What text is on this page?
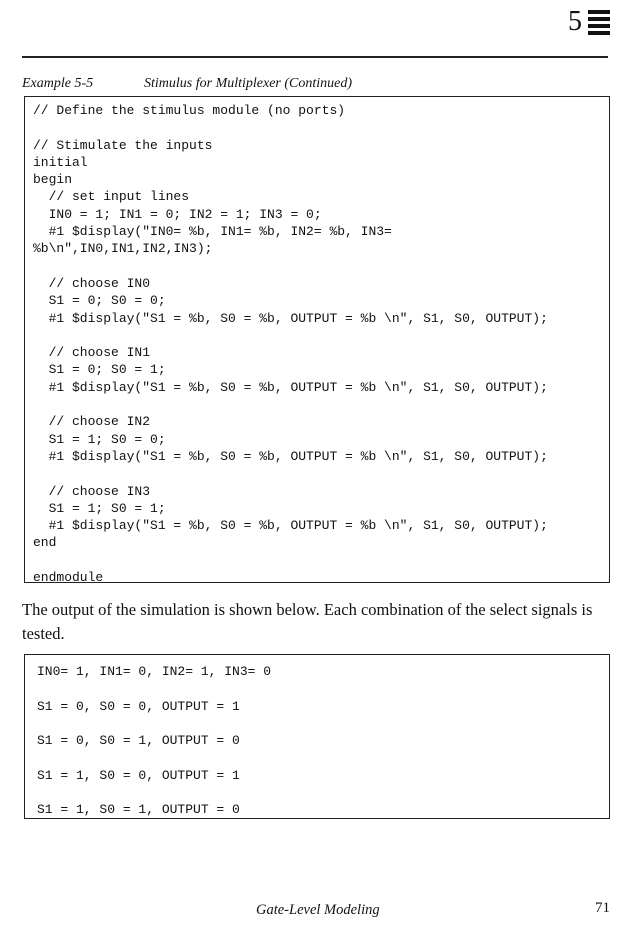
5
Example 5-5	Stimulus for Multiplexer (Continued)
// Define the stimulus module (no ports)

// Stimulate the inputs
initial
begin
// set input lines
IN0 = 1; IN1 = 0; IN2 = 1; IN3 = 0;
#1 $display("IN0= %b, IN1= %b, IN2= %b, IN3=
%b\n",IN0,IN1,IN2,IN3);

// choose IN0
S1 = 0; S0 = 0;
#1 $display("S1 = %b, S0 = %b, OUTPUT = %b \n", S1, S0, OUTPUT);

// choose IN1
S1 = 0; S0 = 1;
#1 $display("S1 = %b, S0 = %b, OUTPUT = %b \n", S1, S0, OUTPUT);

// choose IN2
S1 = 1; S0 = 0;
#1 $display("S1 = %b, S0 = %b, OUTPUT = %b \n", S1, S0, OUTPUT);

// choose IN3
S1 = 1; S0 = 1;
#1 $display("S1 = %b, S0 = %b, OUTPUT = %b \n", S1, S0, OUTPUT);
end

endmodule

The output of the simulation is shown below. Each combination of the select signals is tested.

IN0= 1, IN1= 0, IN2= 1, IN3= 0

S1 = 0, S0 = 0, OUTPUT = 1

S1 = 0, S0 = 1, OUTPUT = 0

S1 = 1, S0 = 0, OUTPUT = 1

S1 = 1, S0 = 1, OUTPUT = 0

Gate-Level Modeling	71
